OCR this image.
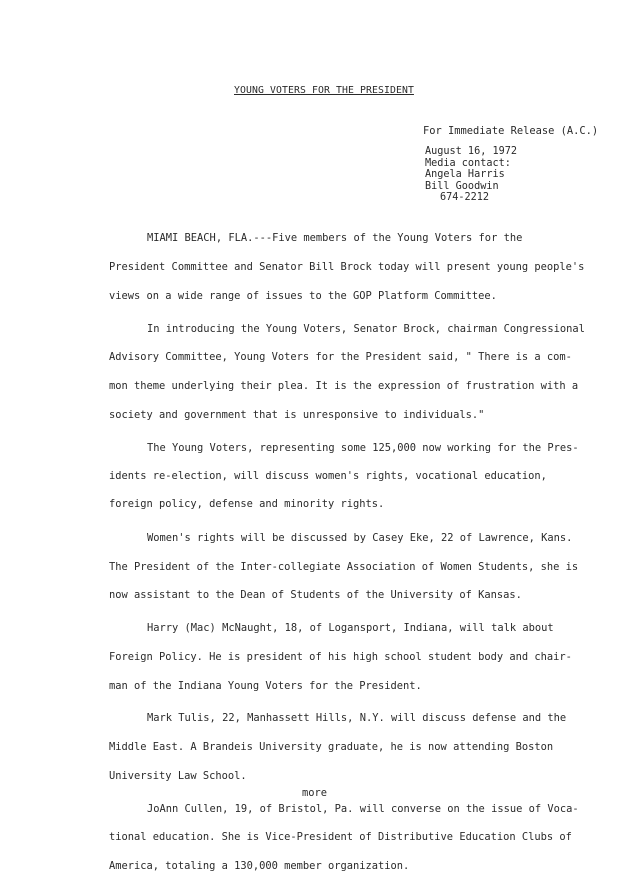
YOUNG VOTERS FOR THE PRESIDENT
For Immediate Release (A.C.)
August 16, 1972
Media contact:
Angela Harris
Bill Goodwin
674-2212
MIAMI BEACH, FLA.---Five members of the Young Voters for the
President Committee and Senator Bill Brock today will present young people's
views on a wide range of issues to the GOP Platform Committee.
In introducing the Young Voters, Senator Brock, chairman Congressional
Advisory Committee, Young Voters for the President said, " There is a com-
mon theme underlying their plea. It is the expression of frustration with a
society and government that is unresponsive to individuals."
The Young Voters, representing some 125,000 now working for the Pres-
idents re-election, will discuss women's rights, vocational education,
foreign policy, defense and minority rights.
Women's rights will be discussed by Casey Eke, 22 of Lawrence, Kans.
The President of the Inter-collegiate Association of Women Students, she is
now assistant to the Dean of Students of the University of Kansas.
Harry (Mac) McNaught, 18, of Logansport, Indiana, will talk about
Foreign Policy. He is president of his high school student body and chair-
man of the Indiana Young Voters for the President.
Mark Tulis, 22, Manhassett Hills, N.Y. will discuss defense and the
Middle East. A Brandeis University graduate, he is now attending Boston
University Law School.
JoAnn Cullen, 19, of Bristol, Pa. will converse on the issue of Voca-
tional education. She is Vice-President of Distributive Education Clubs of
America, totaling a 130,000 member organization.
more
